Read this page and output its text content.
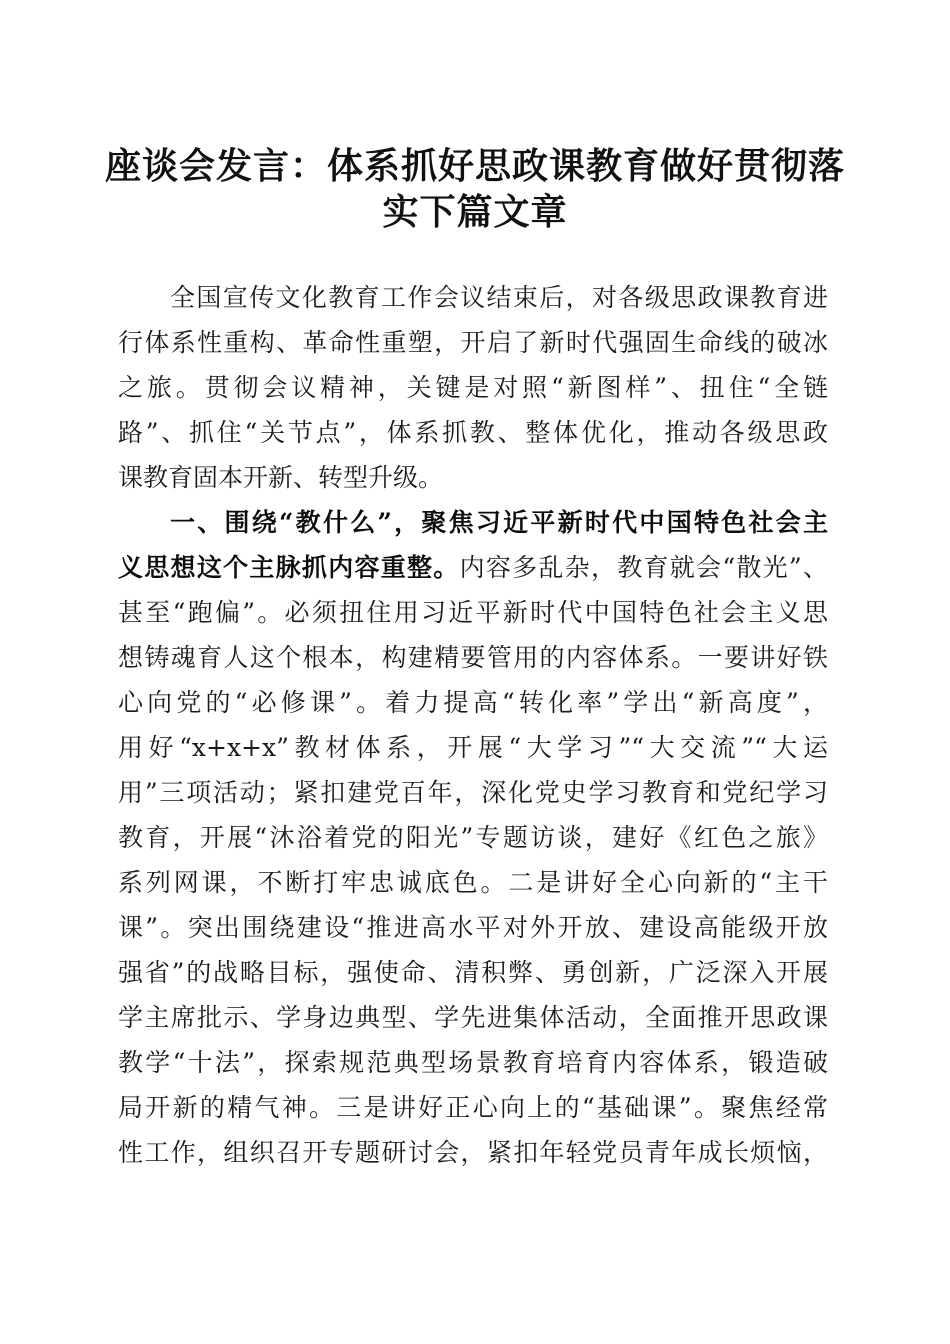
座谈会发言：体系抓好思政课教育做好贯彻落
实下篇文章
全国宣传文化教育工作会议结束后，对各级思政课教育进
行体系性重构、革命性重塑，开启了新时代强固生命线的破冰
之旅。贯彻会议精神，关键是对照“新图样”、扭住“全链
路”、抓住“关节点”，体系抓教、整体优化，推动各级思政
课教育固本开新、转型升级。
一、围绕“教什么”，聚焦习近平新时代中国特色社会主
义思想这个主脉抓内容重整。内容多乱杂，教育就会“散光”、
甚至“跑偏”。必须扭住用习近平新时代中国特色社会主义思
想铸魂育人这个根本，构建精要管用的内容体系。一要讲好铁
心向党的“必修课”。着力提高“转化率”学出“新高度”，
用好“x+x+x”教材体系，开展“大学习”“大交流”“大运
用”三项活动；紧扣建党百年，深化党史学习教育和党纪学习
教育，开展“沐浴着党的阳光”专题访谈，建好《红色之旅》
系列网课，不断打牢忠诚底色。二是讲好全心向新的“主干
课”。突出围绕建设“推进高水平对外开放、建设高能级开放
强省”的战略目标，强使命、清积弊、勇创新，广泛深入开展
学主席批示、学身边典型、学先进集体活动，全面推开思政课
教学“十法”，探索规范典型场景教育培育内容体系，锻造破
局开新的精气神。三是讲好正心向上的“基础课”。聚焦经常
性工作，组织召开专题研讨会，紧扣年轻党员青年成长烦恼，
